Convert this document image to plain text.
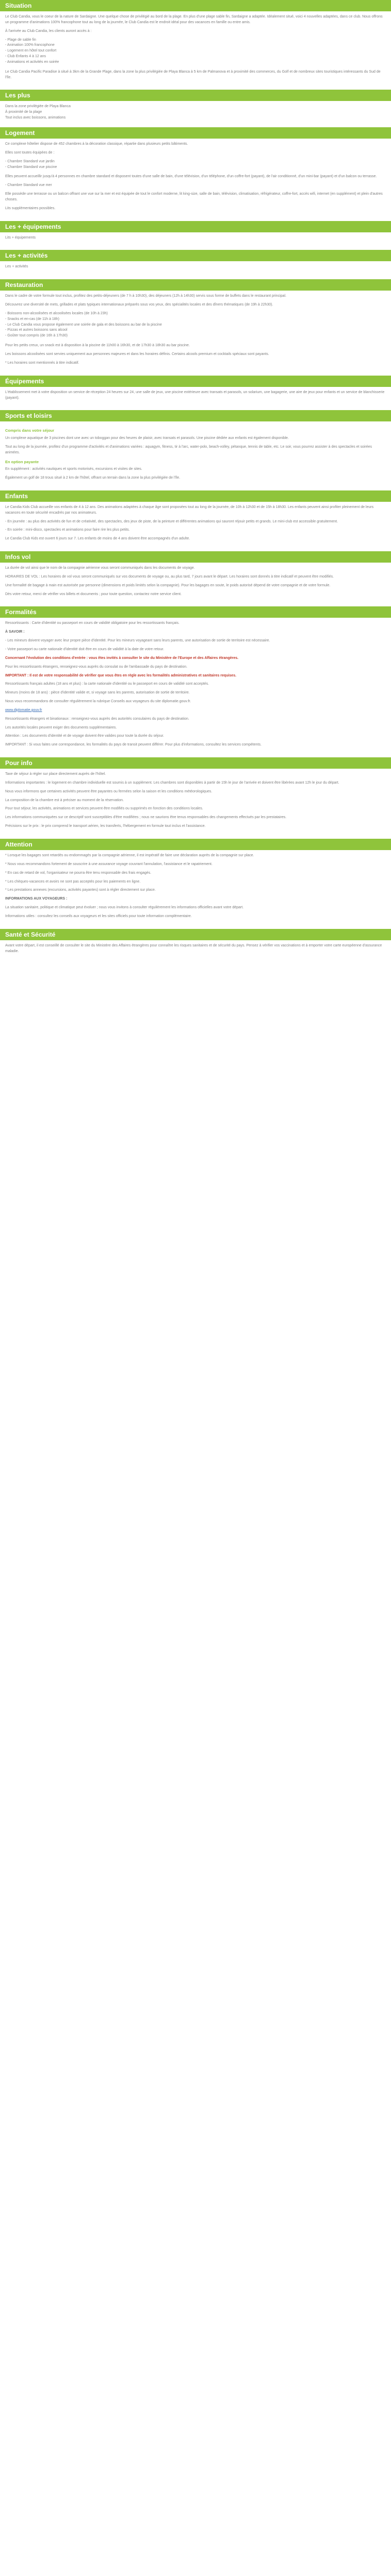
Situation

Le Club Candia, vous le coeur de la nature de Sardaigne. Une quelque chose de privilégié au bord de la plage. En plus d'une plage sable fin, Sardaigne a adaptée. Idéalement situé, voici 4 nouvelles adaptées, dans ce club. Nous offrons un programme d'animations 100% francophone tout au long de la journée, le Club Candia est le endroit idéal pour des vacances en famille ou entre amis.

À l'arrivée au Club Candia, les clients auront accès à :

- Plage de sable fin
- Animation 100% francophone
- Logement en hôtel tout confort
- Club Enfants 4 à 12 ans
- Animations et activités en soirée

Le Club Candia Pacific Paradise à situé à 3km de la Grande Plage, dans la zone la plus privilégiée de Playa Blanca à 5 km de Palmanova et à proximité des commerces, du Golf et de nombreux sites touristiques intéressants du Sud de l'île.

Les plus
Dans la zone privilégiée de Playa Blanca
À proximité de la plage
Tout inclus avec boissons, animations
Logement

Ce complexe hôtelier dispose de 452 chambres à la décoration classique, répartie dans plusieurs petits bâtiments.

Elles sont toutes équipées de :

- Chambre Standard vue jardin
- Chambre Standard vue piscine

Elles peuvent accueillir jusqu'à 4 personnes en chambre standard et disposent toutes d'une salle de bain, d'une télévision, d'un téléphone, d'un coffre-fort (payant), de l'air conditionné, d'un mini-bar (payant) et d'un balcon ou terrasse.

- Chambre Standard vue mer

Elle possède une terrasse ou un balcon offrant une vue sur la mer et est équipée de tout le confort moderne, lit king-size, salle de bain, télévision, climatisation, réfrigérateur, coffre-fort, accès wifi, internet (en supplément) et plein d'autres choses.

Lits supplémentaires possibles.

Les + équipements

Lits + équipements

Les + activités

Les + activités

Restauration

Dans le cadre de votre formule tout inclus, profitez des petits-déjeuners (de 7 h à 10h30), des déjeuners (12h à 14h30) servis sous forme de buffets dans le restaurant principal.

Découvrez une diversité de mets, grillades et plats typiques internationaux préparés sous vos yeux, des spécialités locales et des dîners thématiques (de 19h à 22h30).

- Boissons non-alcoolisées et alcoolisées locales (de 10h à 23h)
- Snacks et en-cas (de 11h à 18h)
- Le Club Candia vous propose également une soirée de gala et des boissons au bar de la piscine
- Pizzas et autres boissons sans alcool
- Goûter tout compris (de 16h à 17h30)

Pour les petits creux, un snack est à disposition à la piscine de 11h00 à 16h30, et de 17h30 à 18h30 au bar piscine.

Les boissons alcoolisées sont servies uniquement aux personnes majeures et dans les horaires définis. Certains alcools premium et cocktails spéciaux sont payants.

* Les horaires sont mentionnés à titre indicatif.

Équipements

L'établissement met à votre disposition un service de réception 24 heures sur 24, une salle de jeux, une piscine extérieure avec transats et parasols, un solarium, une bagagerie, une aire de jeux pour enfants et un service de blanchisserie (payant).

Sports et loisirs
Compris dans votre séjour

Un complexe aquatique de 3 piscines dont une avec un toboggan pour des heures de plaisir, avec transats et parasols. Une piscine dédiée aux enfants est également disponible.

Tout au long de la journée, profitez d'un programme d'activités et d'animations variées : aquagym, fitness, tir à l'arc, water-polo, beach-volley, pétanque, tennis de table, etc. Le soir, vous pourrez assister à des spectacles et soirées animées.

En option payante

En supplément : activités nautiques et sports motorisés, excursions et visites de sites.

Également un golf de 18 trous situé à 2 km de l'hôtel, offrant un terrain dans la zone la plus privilégiée de l'île.

Enfants

Le Candia Kids Club accueille vos enfants de 4 à 12 ans. Des animations adaptées à chaque âge sont proposées tout au long de la journée, de 10h à 12h30 et de 15h à 18h30. Les enfants peuvent ainsi profiter pleinement de leurs vacances en toute sécurité encadrés par nos animateurs.

- En journée : au plus des activités de fun et de créativité, des spectacles, des jeux de piste, de la peinture et différentes animations qui sauront réjouir petits et grands. Le mini-club est accessible gratuitement.

- En soirée : mini-disco, spectacles et animations pour faire rire les plus petits.

Le Candia Club Kids est ouvert 6 jours sur 7. Les enfants de moins de 4 ans doivent être accompagnés d'un adulte.

Infos vol

La durée de vol ainsi que le nom de la compagnie aérienne vous seront communiqués dans les documents de voyage.

HORAIRES DE VOL : Les horaires de vol vous seront communiqués sur vos documents de voyage ou, au plus tard, 7 jours avant le départ. Les horaires sont donnés à titre indicatif et peuvent être modifiés.

Une formalité de bagage à main est autorisée par personne (dimensions et poids limités selon la compagnie). Pour les bagages en soute, le poids autorisé dépend de votre compagnie et de votre formule.

Dès votre retour, merci de vérifier vos billets et documents ; pour toute question, contactez notre service client.

Formalités

Ressortissants : Carte d'identité ou passeport en cours de validité obligatoire pour les ressortissants français.

À SAVOIR :

- Les mineurs doivent voyager avec leur propre pièce d'identité. Pour les mineurs voyageant sans leurs parents, une autorisation de sortie de territoire est nécessaire.

- Votre passeport ou carte nationale d'identité doit être en cours de validité à la date de votre retour.

Concernant l'évolution des conditions d'entrée : vous êtes invités à consulter le site du Ministère de l'Europe et des Affaires étrangères.

Pour les ressortissants étrangers, renseignez-vous auprès du consulat ou de l'ambassade du pays de destination.

IMPORTANT : Il est de votre responsabilité de vérifier que vous êtes en règle avec les formalités administratives et sanitaires requises.

Ressortissants français adultes (18 ans et plus) : la carte nationale d'identité ou le passeport en cours de validité sont acceptés.

Mineurs (moins de 18 ans) : pièce d'identité valide et, si voyage sans les parents, autorisation de sortie de territoire.

Nous vous recommandons de consulter régulièrement la rubrique Conseils aux voyageurs du site diplomatie.gouv.fr.

www.diplomatie.gouv.fr

Ressortissants étrangers et binationaux : renseignez-vous auprès des autorités consulaires du pays de destination.

Les autorités locales peuvent exiger des documents supplémentaires.

Attention : Les documents d'identité et de voyage doivent être valides pour toute la durée du séjour.

IMPORTANT : Si vous faites une correspondance, les formalités du pays de transit peuvent différer. Pour plus d'informations, consultez les services compétents.

Pour info

Taxe de séjour à régler sur place directement auprès de l'hôtel.

Informations importantes : le logement en chambre individuelle est soumis à un supplément. Les chambres sont disponibles à partir de 15h le jour de l'arrivée et doivent être libérées avant 12h le jour du départ.

Nous vous informons que certaines activités peuvent être payantes ou fermées selon la saison et les conditions météorologiques.

La composition de la chambre est à préciser au moment de la réservation.

Pour tout séjour, les activités, animations et services peuvent être modifiés ou supprimés en fonction des conditions locales.

Les informations communiquées sur ce descriptif sont susceptibles d'être modifiées ; nous ne saurions être tenus responsables des changements effectués par les prestataires.

Précisions sur le prix : le prix comprend le transport aérien, les transferts, l'hébergement en formule tout inclus et l'assistance.

Attention

* Lorsque les bagages sont retardés ou endommagés par la compagnie aérienne, il est impératif de faire une déclaration auprès de la compagnie sur place.

* Nous vous recommandons fortement de souscrire à une assurance voyage couvrant l'annulation, l'assistance et le rapatriement.

* En cas de retard de vol, l'organisateur ne pourra être tenu responsable des frais engagés.

* Les chèques-vacances et avoirs ne sont pas acceptés pour les paiements en ligne.

* Les prestations annexes (excursions, activités payantes) sont à régler directement sur place.

INFORMATIONS AUX VOYAGEURS :

La situation sanitaire, politique et climatique peut évoluer ; nous vous invitons à consulter régulièrement les informations officielles avant votre départ.

Informations utiles : consultez les conseils aux voyageurs et les sites officiels pour toute information complémentaire.

Santé et Sécurité

Avant votre départ, il est conseillé de consulter le site du Ministère des Affaires étrangères pour connaître les risques sanitaires et de sécurité du pays. Pensez à vérifier vos vaccinations et à emporter votre carte européenne d'assurance maladie.
